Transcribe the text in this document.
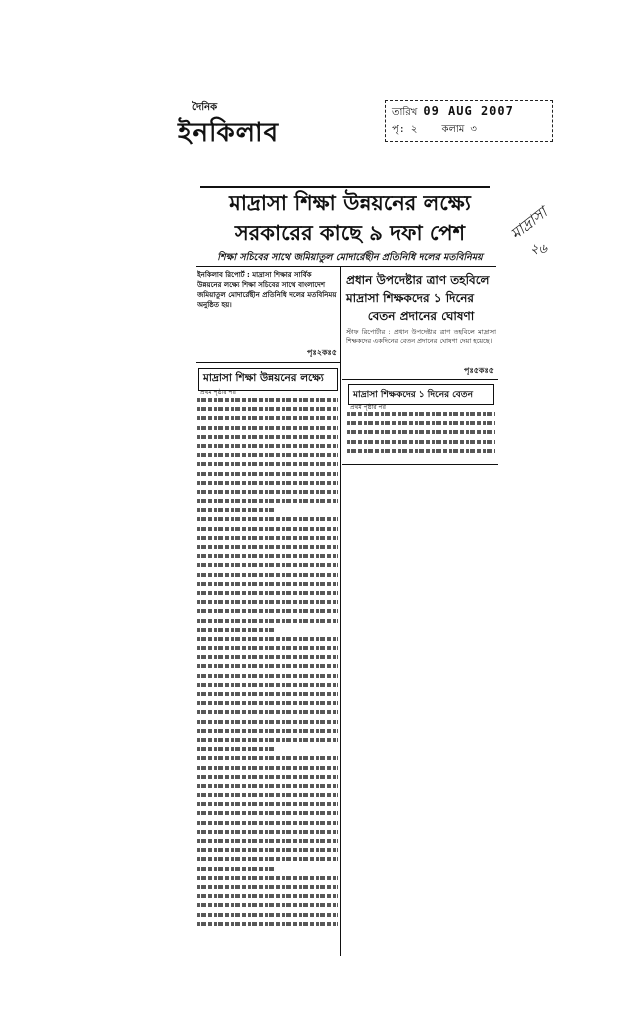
দৈনিক
ইনকিলাব
তারিখ 09 AUG 2007
পৃ: ২ কলাম ৩
মাদ্রাসা
২৬
মাদ্রাসা শিক্ষা উন্নয়নের লক্ষ্যে
সরকারের কাছে ৯ দফা পেশ
শিক্ষা সচিবের সাথে জমিয়াতুল মোদার্রেছীন প্রতিনিধি দলের মতবিনিময়
ইনকিলাব রিপোর্ট : মাদ্রাসা শিক্ষার সার্বিক উন্নয়নের লক্ষ্যে শিক্ষা সচিবের সাথে বাংলাদেশ জমিয়াতুল মোদার্রেছীন প্রতিনিধি দলের মতবিনিময় অনুষ্ঠিত হয়।
পৃঃ২কঃ৫
মাদ্রাসা শিক্ষা উন্নয়নের লক্ষ্যে
প্রথম পৃষ্ঠার পর
প্রধান উপদেষ্টার ত্রাণ তহবিলে
মাদ্রাসা শিক্ষকদের ১ দিনের
বেতন প্রদানের ঘোষণা
স্টাফ রিপোর্টার : প্রধান উপদেষ্টার ত্রাণ তহবিলে মাদ্রাসা শিক্ষকদের একদিনের বেতন প্রদানের ঘোষণা দেয়া হয়েছে।
পৃঃ৫কঃ৫
মাদ্রাসা শিক্ষকদের ১ দিনের বেতন
প্রথম পৃষ্ঠার পর
